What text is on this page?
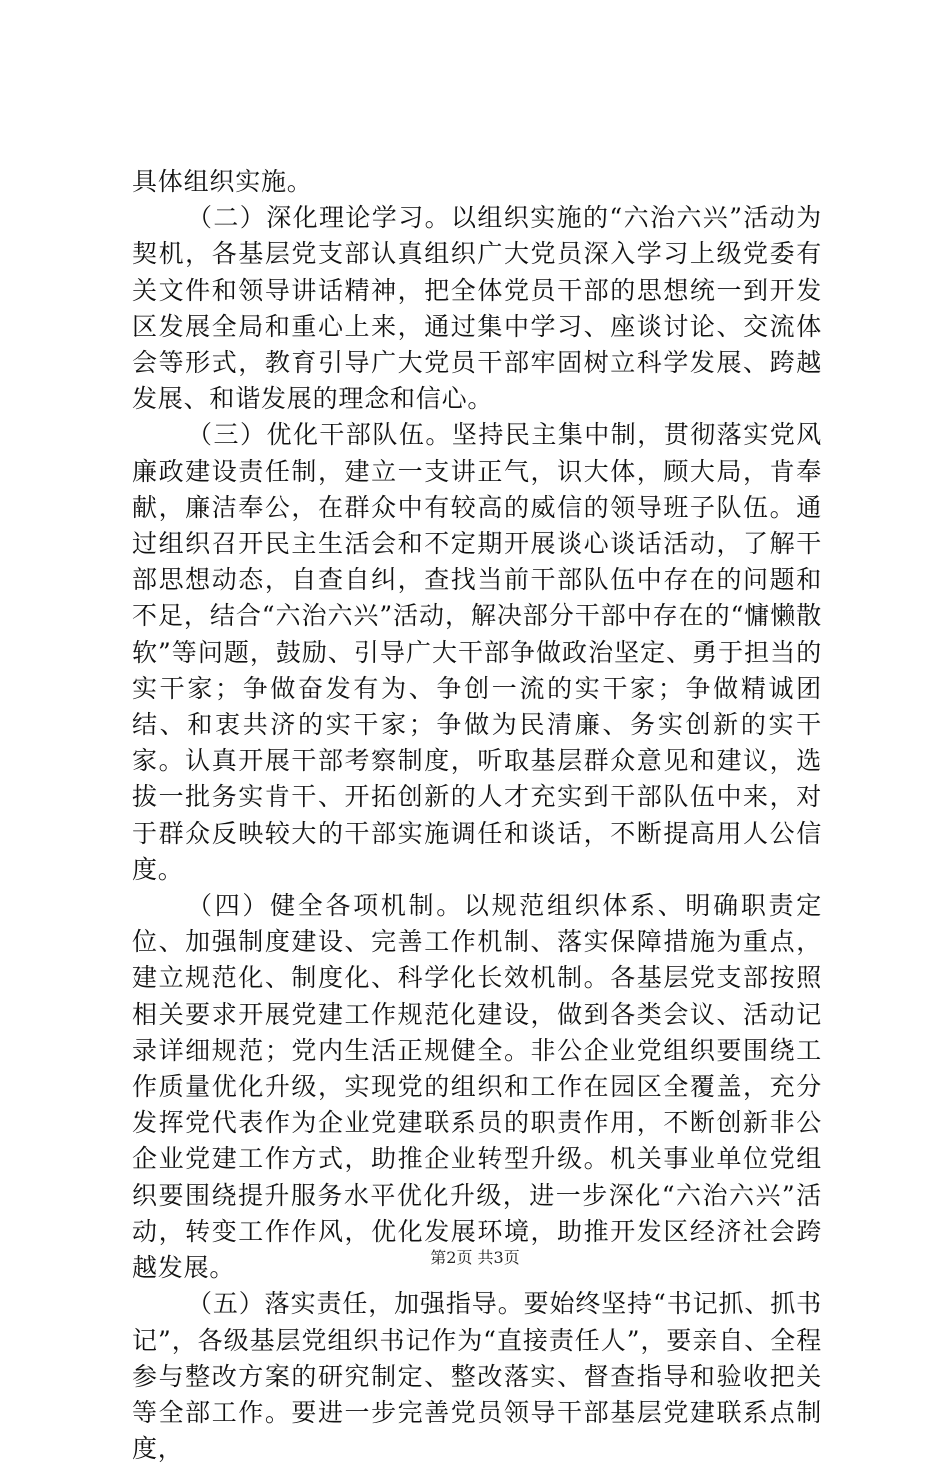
具体组织实施。

（二）深化理论学习。以组织实施的“六治六兴”活动为契机，各基层党支部认真组织广大党员深入学习上级党委有关文件和领导讲话精神，把全体党员干部的思想统一到开发区发展全局和重心上来，通过集中学习、座谈讨论、交流体会等形式，教育引导广大党员干部牢固树立科学发展、跨越发展、和谐发展的理念和信心。

（三）优化干部队伍。坚持民主集中制，贯彻落实党风廉政建设责任制，建立一支讲正气，识大体，顾大局，肯奉献，廉洁奉公，在群众中有较高的威信的领导班子队伍。通过组织召开民主生活会和不定期开展谈心谈话活动，了解干部思想动态，自查自纠，查找当前干部队伍中存在的问题和不足，结合“六治六兴”活动，解决部分干部中存在的“慵懒散软”等问题，鼓励、引导广大干部争做政治坚定、勇于担当的实干家；争做奋发有为、争创一流的实干家；争做精诚团结、和衷共济的实干家；争做为民清廉、务实创新的实干家。认真开展干部考察制度，听取基层群众意见和建议，选拔一批务实肯干、开拓创新的人才充实到干部队伍中来，对于群众反映较大的干部实施调任和谈话，不断提高用人公信度。

（四）健全各项机制。以规范组织体系、明确职责定位、加强制度建设、完善工作机制、落实保障措施为重点，建立规范化、制度化、科学化长效机制。各基层党支部按照相关要求开展党建工作规范化建设，做到各类会议、活动记录详细规范；党内生活正规健全。非公企业党组织要围绕工作质量优化升级，实现党的组织和工作在园区全覆盖，充分发挥党代表作为企业党建联系员的职责作用，不断创新非公企业党建工作方式，助推企业转型升级。机关事业单位党组织要围绕提升服务水平优化升级，进一步深化“六治六兴”活动，转变工作作风，优化发展环境，助推开发区经济社会跨越发展。

（五）落实责任，加强指导。要始终坚持“书记抓、抓书记”，各级基层党组织书记作为“直接责任人”，要亲自、全程参与整改方案的研究制定、整改落实、督查指导和验收把关等全部工作。要进一步完善党员领导干部基层党建联系点制度，

第2页 共3页
